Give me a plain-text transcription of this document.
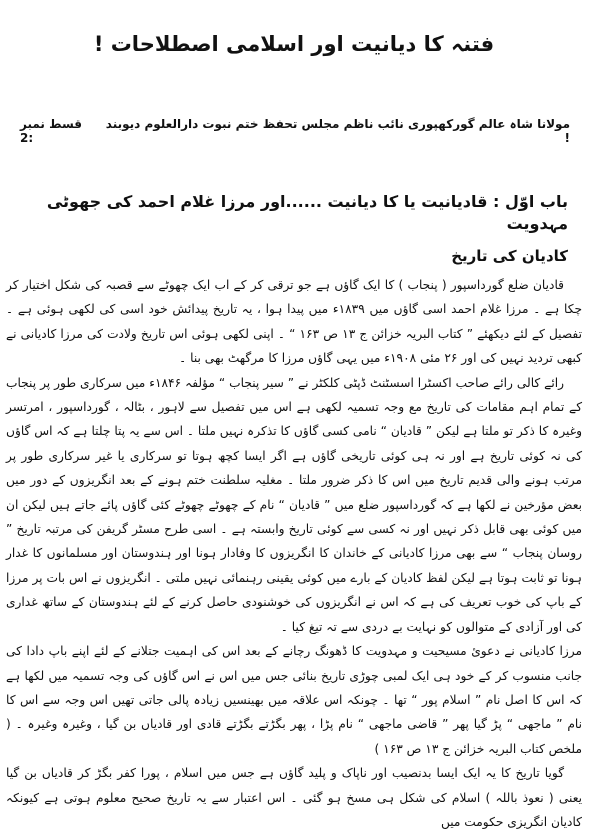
فتنہ کا دیانیت اور اسلامی اصطلاحات !
مولانا شاہ عالم گورکھپوری نائب ناظم مجلس تحفظ ختم نبوت دارالعلوم دیوبند !
قسط نمبر :2
باب اوّل : قادیانیت یا کا دیانیت ......اور مرزا غلام احمد کی جھوٹی مہدویت
کادیان کی تاریخ

قادیان ضلع گورداسپور ( پنجاب ) کا ایک گاؤں ہے جو ترقی کر کے اب ایک چھوٹے سے قصبہ کی شکل اختیار کر چکا ہے ۔ مرزا غلام احمد اسی گاؤں میں ۱۸۳۹ء میں پیدا ہوا ، یہ تاریخ پیدائش خود اسی کی لکھی ہوئی ہے ۔ تفصیل کے لئے دیکھئے ” کتاب البریہ خزائن ج ۱۳ ص ۱۶۳ “ ۔ اپنی لکھی ہوئی اس تاریخ ولادت کی مرزا کادیانی نے کبھی تردید نہیں کی اور ۲۶ مئی ۱۹۰۸ء میں یہی گاؤں مرزا کا مرگھٹ بھی بنا ۔

رائے کالی رائے صاحب اکسٹرا اسسٹنٹ ڈپٹی کلکٹر نے ” سیر پنجاب “ مؤلفہ ۱۸۴۶ء میں سرکاری طور پر پنجاب کے تمام اہم مقامات کی تاریخ مع وجہ تسمیہ لکھی ہے اس میں تفصیل سے لاہور ، بٹالہ ، گورداسپور ، امرتسر وغیرہ کا ذکر تو ملتا ہے لیکن ” قادیان “ نامی کسی گاؤں کا تذکرہ نہیں ملتا ۔ اس سے یہ پتا چلتا ہے کہ اس گاؤں کی نہ کوئی تاریخ ہے اور نہ ہی کوئی تاریخی گاؤں ہے اگر ایسا کچھ ہوتا تو سرکاری یا غیر سرکاری طور پر مرتب ہونے والی قدیم تاریخ میں اس کا ذکر ضرور ملتا ۔ مغلیہ سلطنت ختم ہونے کے بعد انگریزوں کے دور میں بعض مؤرخین نے لکھا ہے کہ گورداسپور ضلع میں ” قادیان “ نام کے چھوٹے چھوٹے کئی گاؤں پائے جاتے ہیں لیکن ان میں کوئی بھی قابل ذکر نہیں اور نہ کسی سے کوئی تاریخ وابستہ ہے ۔ اسی طرح مسٹر گریفن کی مرتبہ تاریخ ” روسان پنجاب “ سے بھی مرزا کادیانی کے خاندان کا انگریزوں کا وفادار ہونا اور ہندوستان اور مسلمانوں کا غدار ہونا تو ثابت ہوتا ہے لیکن لفظ کادیان کے بارے میں کوئی یقینی رہنمائی نہیں ملتی ۔ انگریزوں نے اس بات پر مرزا کے باپ کی خوب تعریف کی ہے کہ اس نے انگریزوں کی خوشنودی حاصل کرنے کے لئے ہندوستان کے ساتھ غداری کی اور آزادی کے متوالوں کو نہایت بے دردی سے تہ تیغ کیا ۔

مرزا کادیانی نے دعوئ مسیحیت و مہدویت کا ڈھونگ رچانے کے بعد اس کی اہمیت جتلانے کے لئے اپنے باپ دادا کی جانب منسوب کر کے خود ہی ایک لمبی چوڑی تاریخ بنائی جس میں اس نے اس گاؤں کی وجہ تسمیہ میں لکھا ہے کہ اس کا اصل نام ” اسلام پور “ تھا ۔ چونکہ اس علاقہ میں بھینسیں زیادہ پالی جاتی تھیں اس وجہ سے اس کا نام ” ماجھی “ پڑ گیا پھر ” قاضی ماجھی “ نام پڑا ، پھر بگڑتے بگڑتے قادی اور قادیاں بن گیا ، وغیرہ وغیرہ ۔ ( ملخص کتاب البریہ خزائن ج ۱۳ ص ۱۶۳ )

گویا تاریخ کا یہ ایک ایسا بدنصیب اور ناپاک و پلید گاؤں ہے جس میں اسلام ، پورا کفر بگڑ کر قادیاں بن گیا یعنی ( نعوذ باللہ ) اسلام کی شکل ہی مسخ ہو گئی ۔ اس اعتبار سے یہ تاریخ صحیح معلوم ہوتی ہے کیونکہ کادیان انگریزی حکومت میں
